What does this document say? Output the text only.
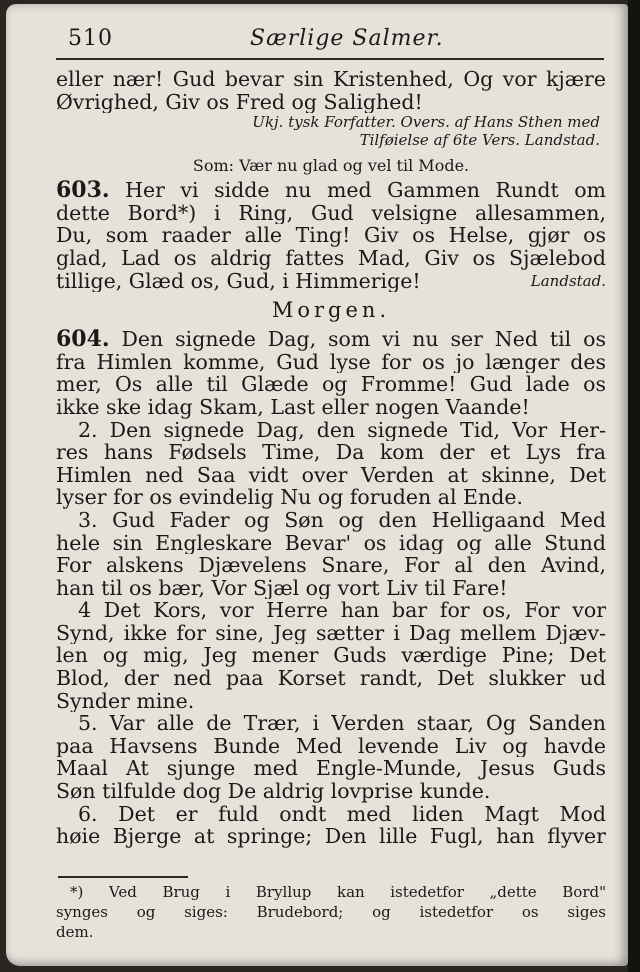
510	Særlige Salmer.
eller nær! Gud bevar sin Kristenhed, Og vor kjære
Øvrighed, Giv os Fred og Salighed!
Ukj. tysk Forfatter. Overs. af Hans Sthen med
Tilføielse af 6te Vers. Landstad.
Som: Vær nu glad og vel til Mode.
603. Her vi sidde nu med Gammen Rundt om
dette Bord*) i Ring, Gud velsigne allesammen,
Du, som raader alle Ting! Giv os Helse, gjør os
glad, Lad os aldrig fattes Mad, Giv os Sjælebod
tillige, Glæd os, Gud, i Himmerige!	Landstad.
Morgen.
604. Den signede Dag, som vi nu ser Ned til os
fra Himlen komme, Gud lyse for os jo længer des
mer, Os alle til Glæde og Fromme! Gud lade os
ikke ske idag Skam, Last eller nogen Vaande!
2. Den signede Dag, den signede Tid, Vor Her-
res hans Fødsels Time, Da kom der et Lys fra
Himlen ned Saa vidt over Verden at skinne, Det
lyser for os evindelig Nu og foruden al Ende.
3. Gud Fader og Søn og den Helligaand Med
hele sin Engleskare Bevar' os idag og alle Stund
For alskens Djævelens Snare, For al den Avind,
han til os bær, Vor Sjæl og vort Liv til Fare!
4 Det Kors, vor Herre han bar for os, For vor
Synd, ikke for sine, Jeg sætter i Dag mellem Djæv-
len og mig, Jeg mener Guds værdige Pine; Det
Blod, der ned paa Korset randt, Det slukker ud
Synder mine.
5. Var alle de Trær, i Verden staar, Og Sanden
paa Havsens Bunde Med levende Liv og havde
Maal At sjunge med Engle-Munde, Jesus Guds
Søn tilfulde dog De aldrig lovprise kunde.
6. Det er fuld ondt med liden Magt Mod
høie Bjerge at springe; Den lille Fugl, han flyver
*) Ved Brug i Bryllup kan istedetfor „dette Bord"
synges og siges: Brudebord; og istedetfor os siges
dem.
